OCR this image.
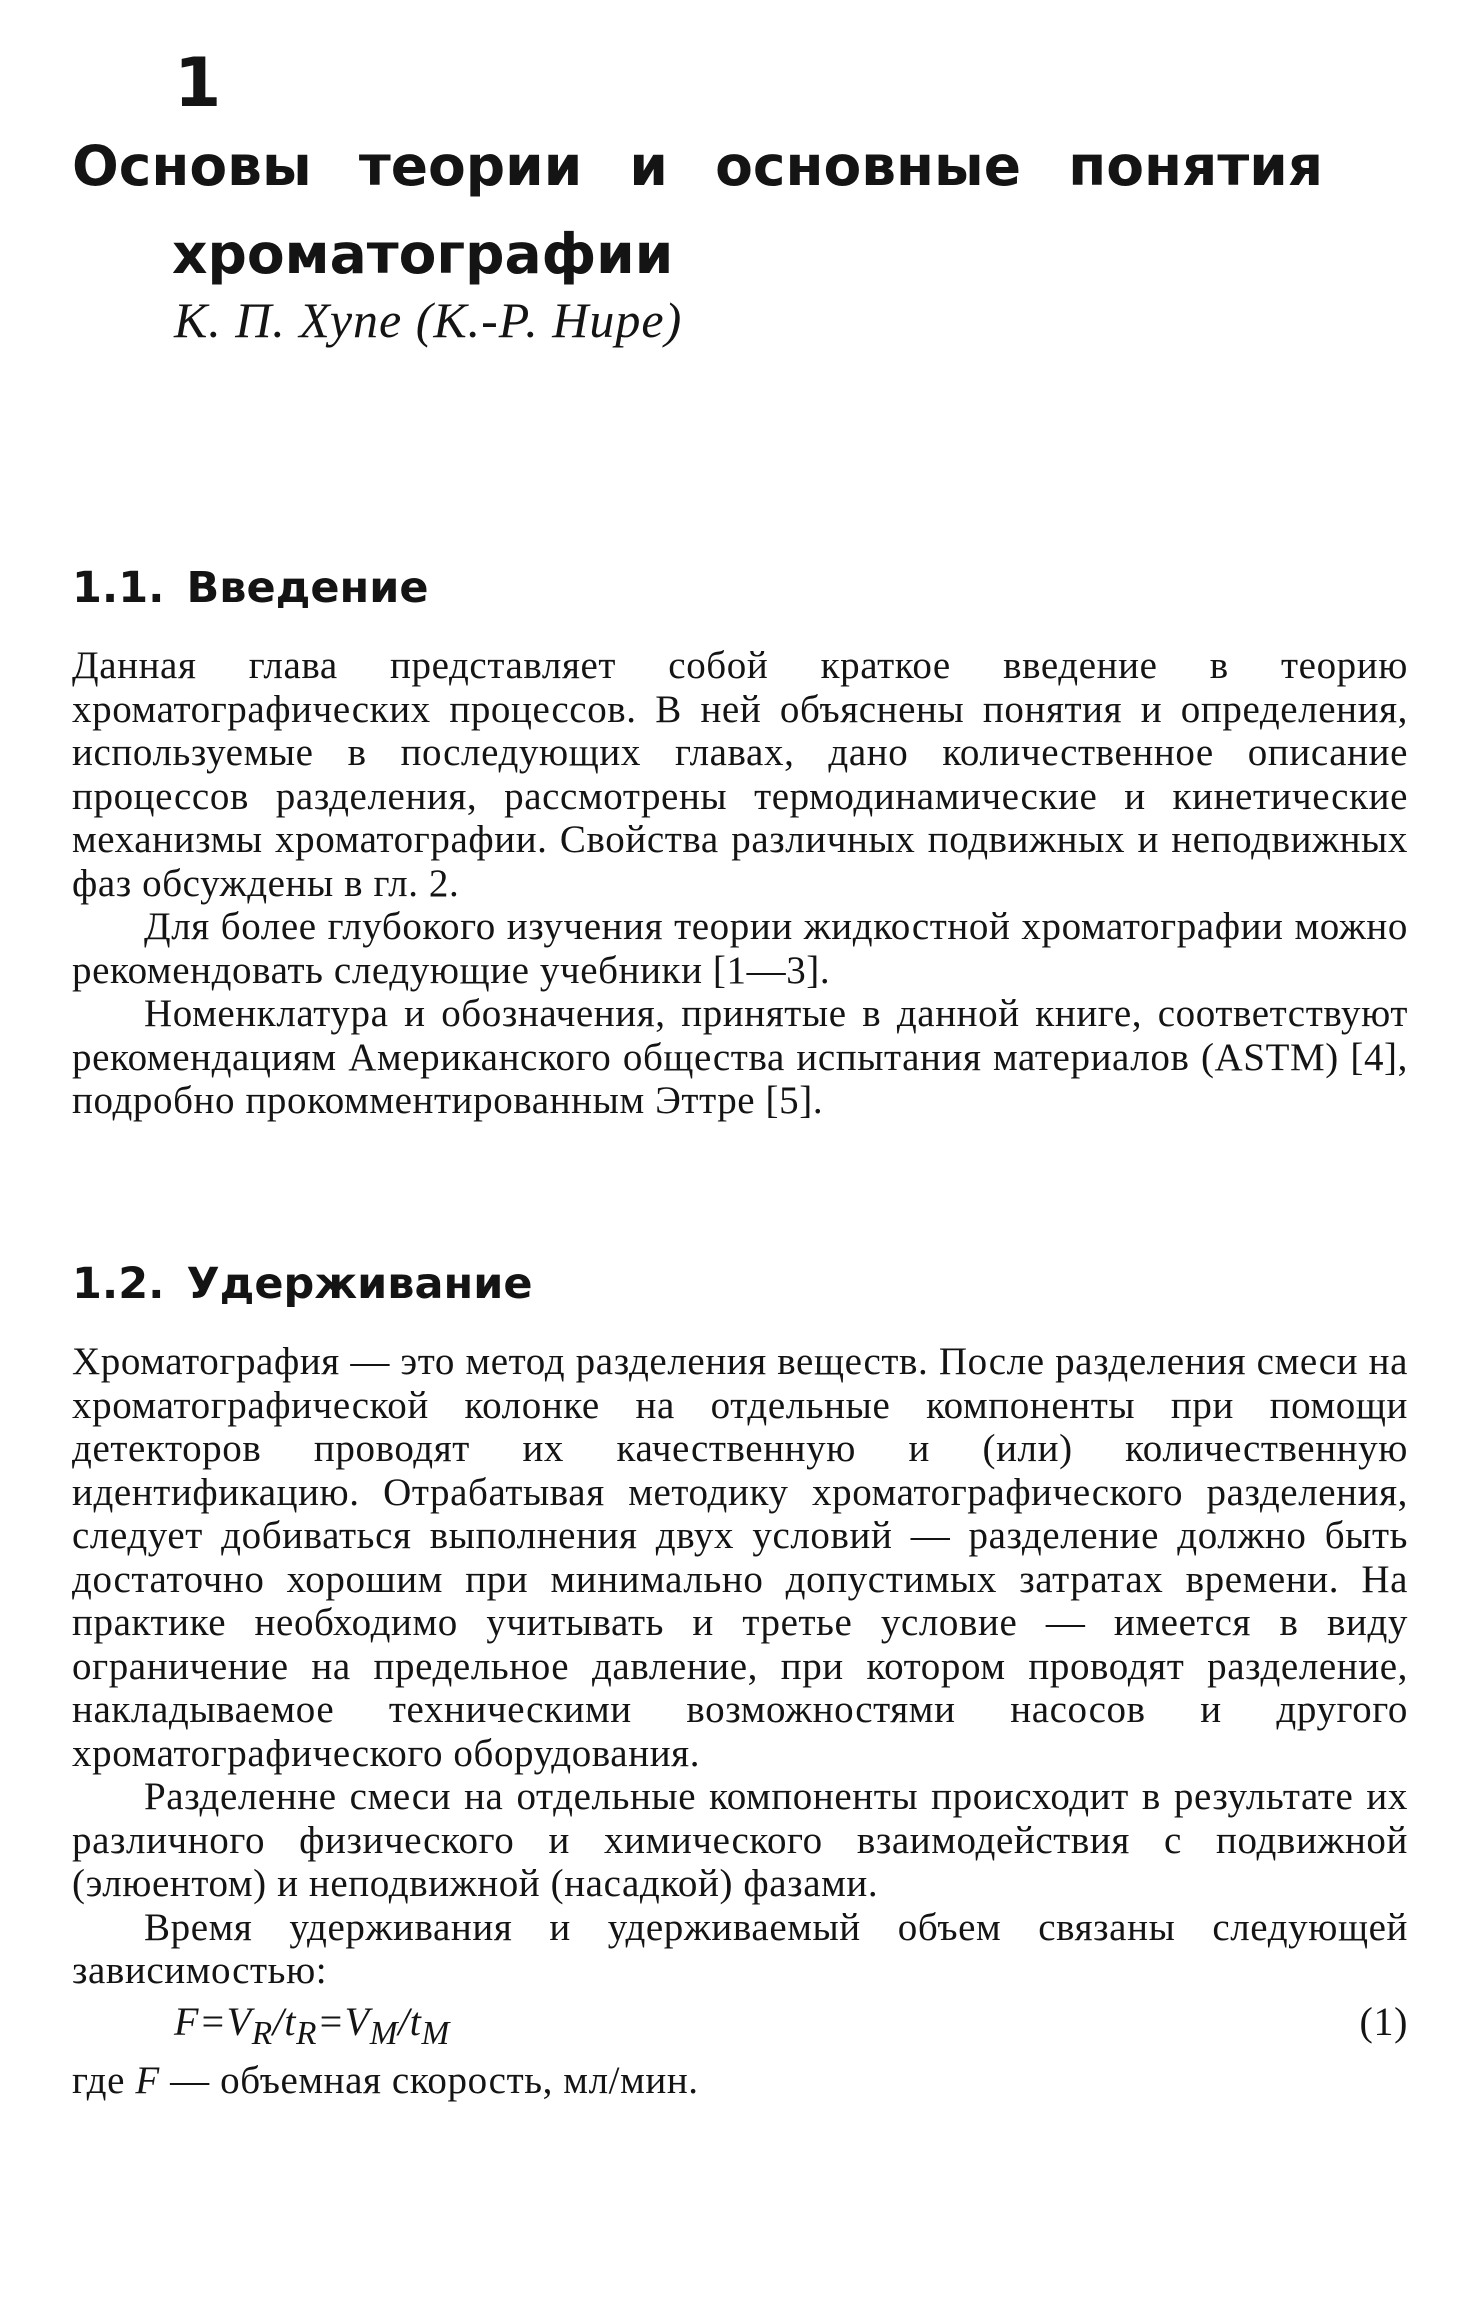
1
Основы теории и основные понятия
хроматографии

К. П. Хупе (К.-Р. Нире)

1.1. Введение

Данная глава представляет собой краткое введение в теорию хроматографических процессов. В ней объяснены понятия и определения, используемые в последующих главах, дано количественное описание процессов разделения, рассмотрены термодинамические и кинетические механизмы хроматографии. Свойства различных подвижных и неподвижных фаз обсуждены в гл. 2.

Для более глубокого изучения теории жидкостной хроматографии можно рекомендовать следующие учебники [1—3].

Номенклатура и обозначения, принятые в данной книге, соответствуют рекомендациям Американского общества испытания материалов (ASTM) [4], подробно прокомментированным Эттре [5].

1.2. Удерживание

Хроматография — это метод разделения веществ. После разделения смеси на хроматографической колонке на отдельные компоненты при помощи детекторов проводят их качественную и (или) количественную идентификацию. Отрабатывая методику хроматографического разделения, следует добиваться выполнения двух условий — разделение должно быть достаточно хорошим при минимально допустимых затратах времени. На практике необходимо учитывать и третье условие — имеется в виду ограничение на предельное давление, при котором проводят разделение, накладываемое техническими возможностями насосов и другого хроматографического оборудования.

Разделенне смеси на отдельные компоненты происходит в результате их различного физического и химического взаимодействия с подвижной (элюентом) и неподвижной (насадкой) фазами.

Время удерживания и удерживаемый объем связаны следующей зависимостью:

$F=V_R/t_R=V_M/t_M$	(1)

где F — объемная скорость, мл/мин.
